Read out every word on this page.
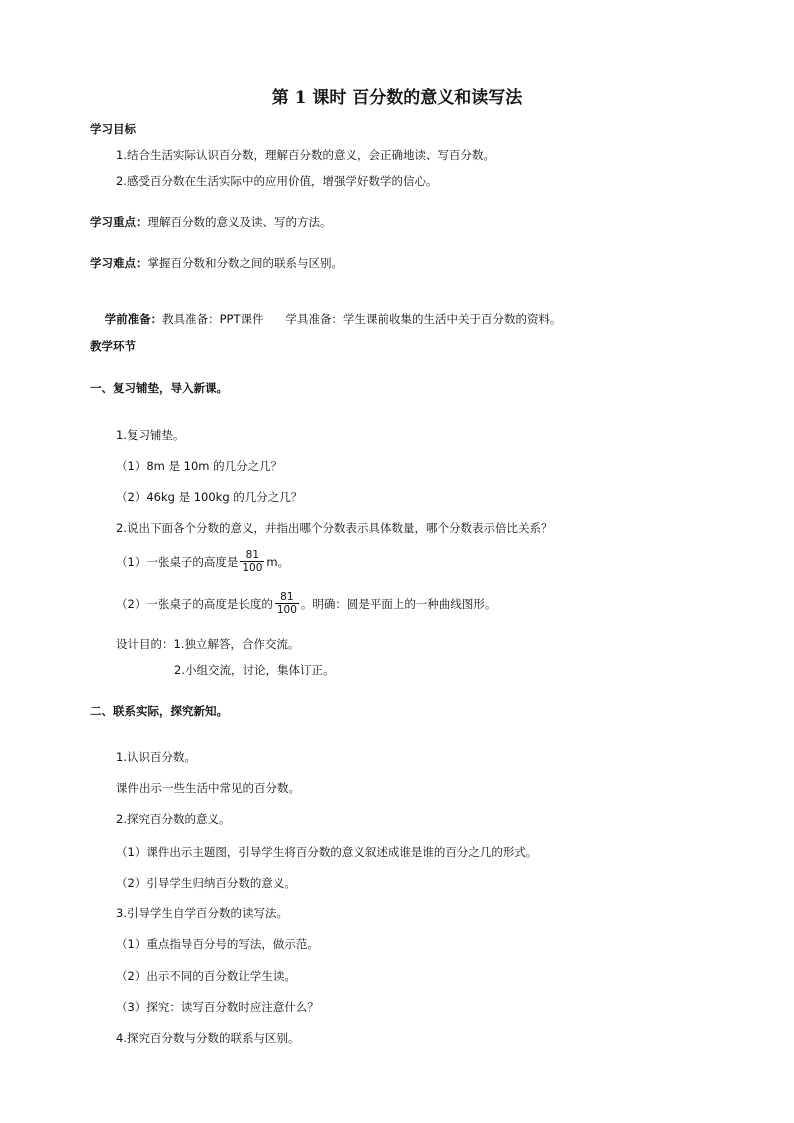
第 1 课时 百分数的意义和读写法
学习目标
1.结合生活实际认识百分数，理解百分数的意义，会正确地读、写百分数。
2.感受百分数在生活实际中的应用价值，增强学好数学的信心。
学习重点：理解百分数的意义及读、写的方法。
学习难点：掌握百分数和分数之间的联系与区别。

学前准备：教具准备：PPT课件      学具准备：学生课前收集的生活中关于百分数的资料。

教学环节
一、复习铺垫，导入新课。
1.复习铺垫。
（1）8m 是 10m 的几分之几？
（2）46kg 是 100kg 的几分之几？
2.说出下面各个分数的意义，并指出哪个分数表示具体数量，哪个分数表示倍比关系？
（1）一张桌子的高度是 $\frac{81}{100}$ m。
（2）一张桌子的高度是长度的 $\frac{81}{100}$ 。明确：圆是平面上的一种曲线图形。
设计目的：1.独立解答，合作交流。
2.小组交流，讨论，集体订正。
二、联系实际，探究新知。
1.认识百分数。
课件出示一些生活中常见的百分数。
2.探究百分数的意义。
（1）课件出示主题图，引导学生将百分数的意义叙述成谁是谁的百分之几的形式。
（2）引导学生归纳百分数的意义。
3.引导学生自学百分数的读写法。
（1）重点指导百分号的写法，做示范。
（2）出示不同的百分数让学生读。
（3）探究：读写百分数时应注意什么？
4.探究百分数与分数的联系与区别。
